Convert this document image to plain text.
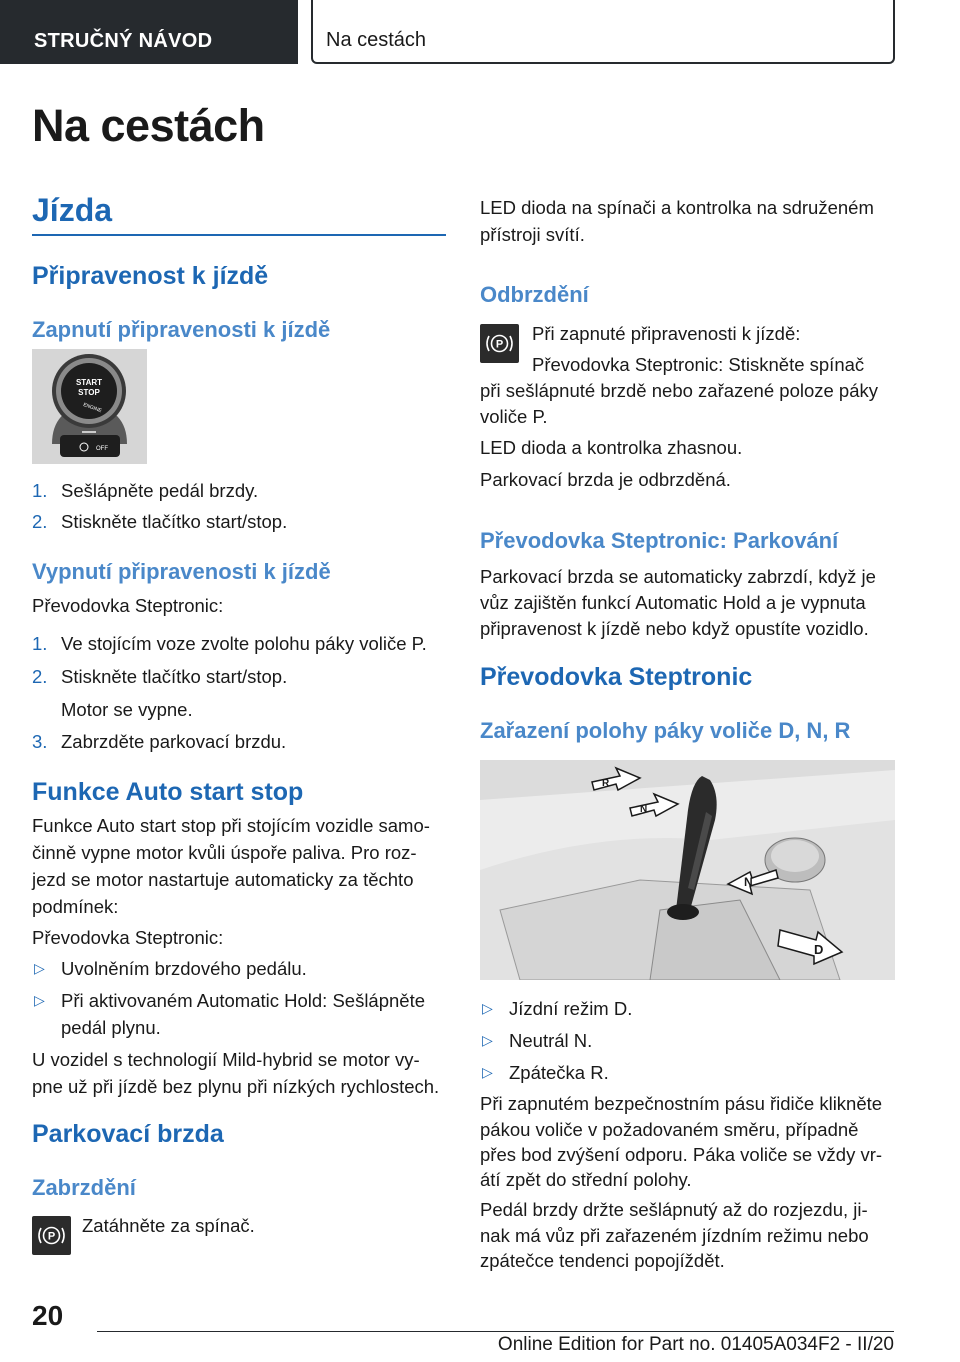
STRUČNÝ NÁVOD	Na cestách
Na cestách
Jízda
Připravenost k jízdě
Zapnutí připravenosti k jízdě
START
STOP
ENGINE
OFF
1. Sešlápněte pedál brzdy.
2. Stiskněte tlačítko start/stop.
Vypnutí připravenosti k jízdě

Převodovka Steptronic:

1. Ve stojícím voze zvolte polohu páky voliče P.
2. Stiskněte tlačítko start/stop.

Motor se vypne.

3. Zabrzděte parkovací brzdu.
Funkce Auto start stop

Funkce Auto start stop při stojícím vozidle samo‐

činně vypne motor kvůli úspoře paliva. Pro roz‐

jezd se motor nastartuje automaticky za těchto

podmínek:

Převodovka Steptronic:

▷ Uvolněním brzdového pedálu.
▷ Při aktivovaném Automatic Hold: Sešlápněte

pedál plynu.

U vozidel s technologií Mild-hybrid se motor vy‐

pne už při jízdě bez plynu při nízkých rychlostech.

Parkovací brzda
Zabrzdění
P

Zatáhněte za spínač.

LED dioda na spínači a kontrolka na sdruženém

přístroji svítí.

Odbrzdění
P

Při zapnuté připravenosti k jízdě:

Převodovka Steptronic: Stiskněte spínač

při sešlápnuté brzdě nebo zařazené poloze páky

voliče P.

LED dioda a kontrolka zhasnou.

Parkovací brzda je odbrzděná.

Převodovka Steptronic: Parkování

Parkovací brzda se automaticky zabrzdí, když je

vůz zajištěn funkcí Automatic Hold a je vypnuta

připravenost k jízdě nebo když opustíte vozidlo.

Převodovka Steptronic
Zařazení polohy páky voliče D, N, R
R
N
N
D
▷ Jízdní režim D.
▷ Neutrál N.
▷ Zpátečka R.

Při zapnutém bezpečnostním pásu řidiče klikněte

pákou voliče v požadovaném směru, případně

přes bod zvýšení odporu. Páka voliče se vždy vr‐

átí zpět do střední polohy.

Pedál brzdy držte sešlápnutý až do rozjezdu, ji‐

nak má vůz při zařazeném jízdním režimu nebo

zpátečce tendenci popojíždět.

20
Online Edition for Part no. 01405A034F2 - II/20
